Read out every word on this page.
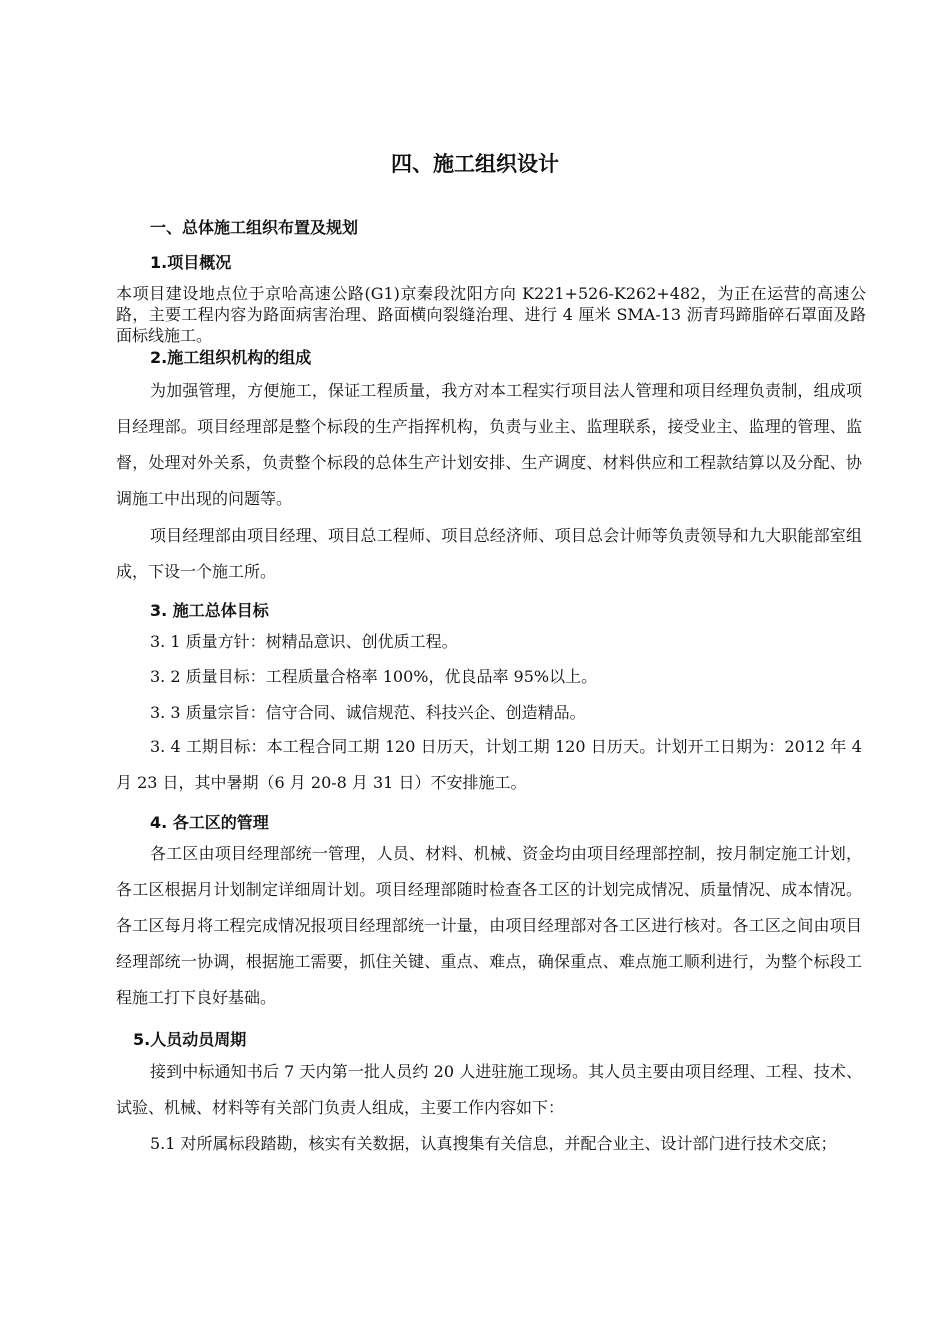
四、施工组织设计
一、总体施工组织布置及规划
1.项目概况
本项目建设地点位于京哈高速公路(G1)京秦段沈阳方向 K221+526-K262+482，为正在运营的高速公路，主要工程内容为路面病害治理、路面横向裂缝治理、进行 4 厘米 SMA-13 沥青玛蹄脂碎石罩面及路面标线施工。
2.施工组织机构的组成
为加强管理，方便施工，保证工程质量，我方对本工程实行项目法人管理和项目经理负责制，组成项目经理部。项目经理部是整个标段的生产指挥机构，负责与业主、监理联系，接受业主、监理的管理、监督，处理对外关系，负责整个标段的总体生产计划安排、生产调度、材料供应和工程款结算以及分配、协调施工中出现的问题等。
项目经理部由项目经理、项目总工程师、项目总经济师、项目总会计师等负责领导和九大职能部室组成，下设一个施工所。
3. 施工总体目标
3. 1 质量方针：树精品意识、创优质工程。
3. 2 质量目标：工程质量合格率 100%，优良品率 95%以上。
3. 3 质量宗旨：信守合同、诚信规范、科技兴企、创造精品。
3. 4 工期目标：本工程合同工期 120 日历天，计划工期 120 日历天。计划开工日期为：2012 年 4 月 23 日，其中暑期（6 月 20-8 月 31 日）不安排施工。
4. 各工区的管理
各工区由项目经理部统一管理，人员、材料、机械、资金均由项目经理部控制，按月制定施工计划，各工区根据月计划制定详细周计划。项目经理部随时检查各工区的计划完成情况、质量情况、成本情况。各工区每月将工程完成情况报项目经理部统一计量，由项目经理部对各工区进行核对。各工区之间由项目经理部统一协调，根据施工需要，抓住关键、重点、难点，确保重点、难点施工顺利进行，为整个标段工程施工打下良好基础。
5.人员动员周期
接到中标通知书后 7 天内第一批人员约 20 人进驻施工现场。其人员主要由项目经理、工程、技术、试验、机械、材料等有关部门负责人组成，主要工作内容如下：
5.1 对所属标段踏勘，核实有关数据，认真搜集有关信息，并配合业主、设计部门进行技术交底；
